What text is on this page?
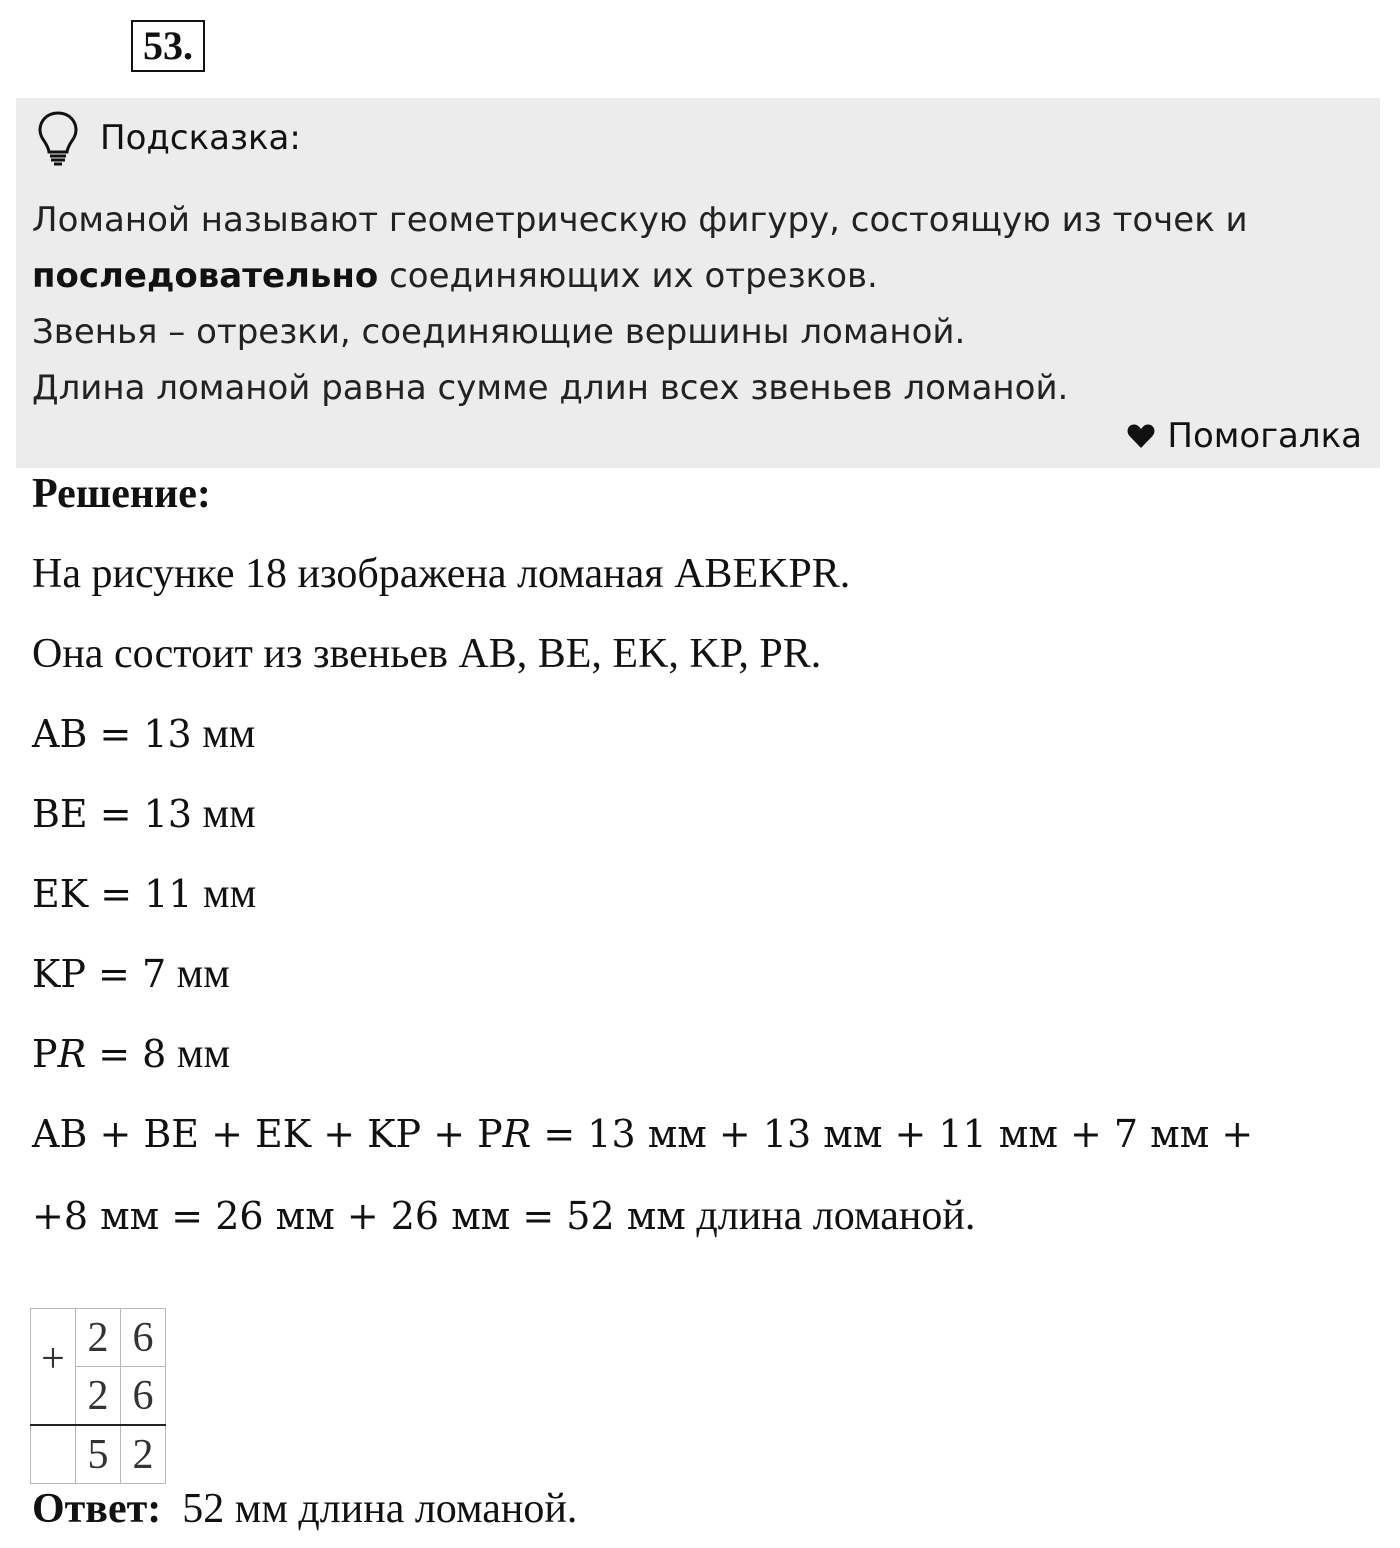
53.
Подсказка:
Ломаной называют геометрическую фигуру, состоящую из точек и
последовательно соединяющих их отрезков.
Звенья – отрезки, соединяющие вершины ломаной.
Длина ломаной равна сумме длин всех звеньев ломаной.
Помогалка
Решение:
На рисунке 18 изображена ломаная ABEKPR.
Она состоит из звеньев AB, BE, EK, KP, PR.
AB = 13 мм
BE = 13 мм
EK = 11 мм
KP = 7 мм
P𝑅 = 8 мм
AB + BE + EK + KP + P𝑅 = 13 мм + 13 мм + 11 мм + 7 мм +
+8 мм = 26 мм + 26 мм = 52 мм длина ломаной.
	2	6

+	2	6
	5	2
Ответ:  52 мм длина ломаной.
